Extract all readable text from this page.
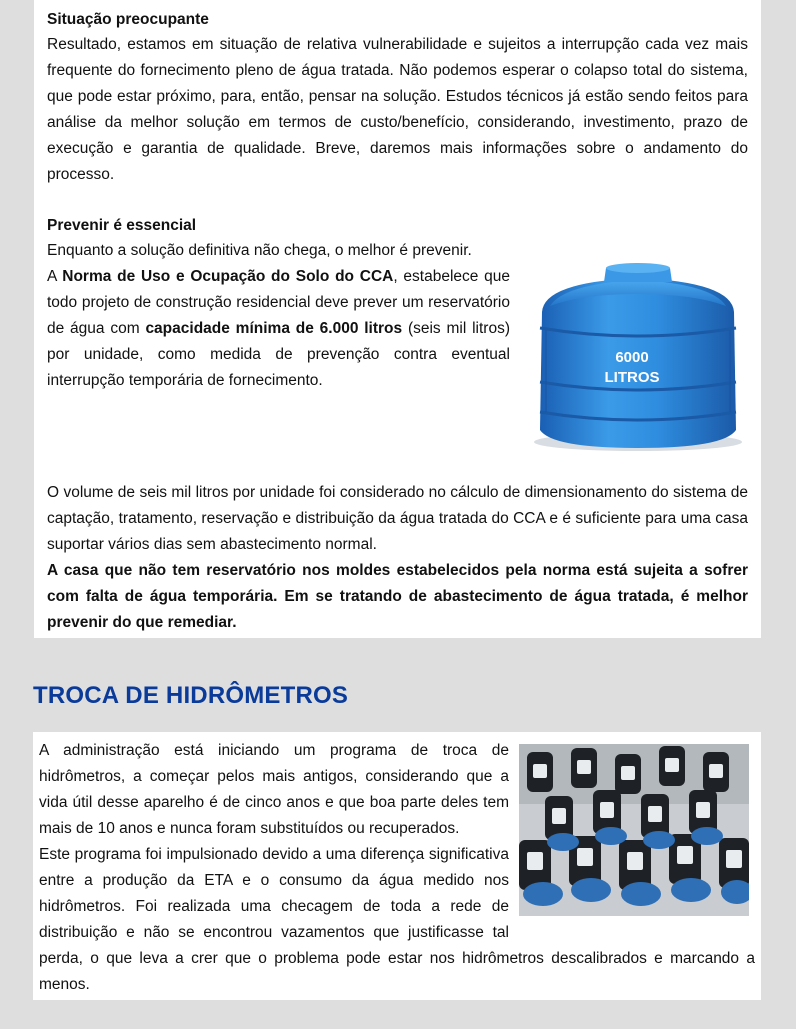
Situação preocupante

Resultado, estamos em situação de relativa vulnerabilidade e sujeitos a interrupção cada vez mais frequente do fornecimento pleno de água tratada. Não podemos esperar o colapso total do sistema, que pode estar próximo, para, então, pensar na solução. Estudos técnicos já estão sendo feitos para análise da melhor solução em termos de custo/benefício, considerando, investimento, prazo de execução e garantia de qualidade. Breve, daremos mais informações sobre o andamento do processo.

Prevenir é essencial
6000
LITROS

Enquanto a solução definitiva não chega, o melhor é prevenir.

A Norma de Uso e Ocupação do Solo do CCA, estabelece que todo projeto de construção residencial deve prever um reservatório de água com capacidade mínima de 6.000 litros (seis mil litros) por unidade, como medida de prevenção contra eventual interrupção temporária de fornecimento.

O volume de seis mil litros por unidade foi considerado no cálculo de dimensionamento do sistema de captação, tratamento, reservação e distribuição da água tratada do CCA e é suficiente para uma casa suportar vários dias sem abastecimento normal.

A casa que não tem reservatório nos moldes estabelecidos pela norma está sujeita a sofrer com falta de água temporária. Em se tratando de abastecimento de água tratada, é melhor prevenir do que remediar.

TROCA DE HIDRÔMETROS

A administração está iniciando um programa de troca de hidrômetros, a começar pelos mais antigos, considerando que a vida útil desse aparelho é de cinco anos e que boa parte deles tem mais de 10 anos e nunca foram substituídos ou recuperados.

Este programa foi impulsionado devido a uma diferença significativa entre a produção da ETA e o consumo da água medido nos hidrômetros. Foi realizada uma checagem de toda a rede de distribuição e não se encontrou vazamentos que justificasse tal perda, o que leva a crer que o problema pode estar nos hidrômetros descalibrados e marcando a menos.
